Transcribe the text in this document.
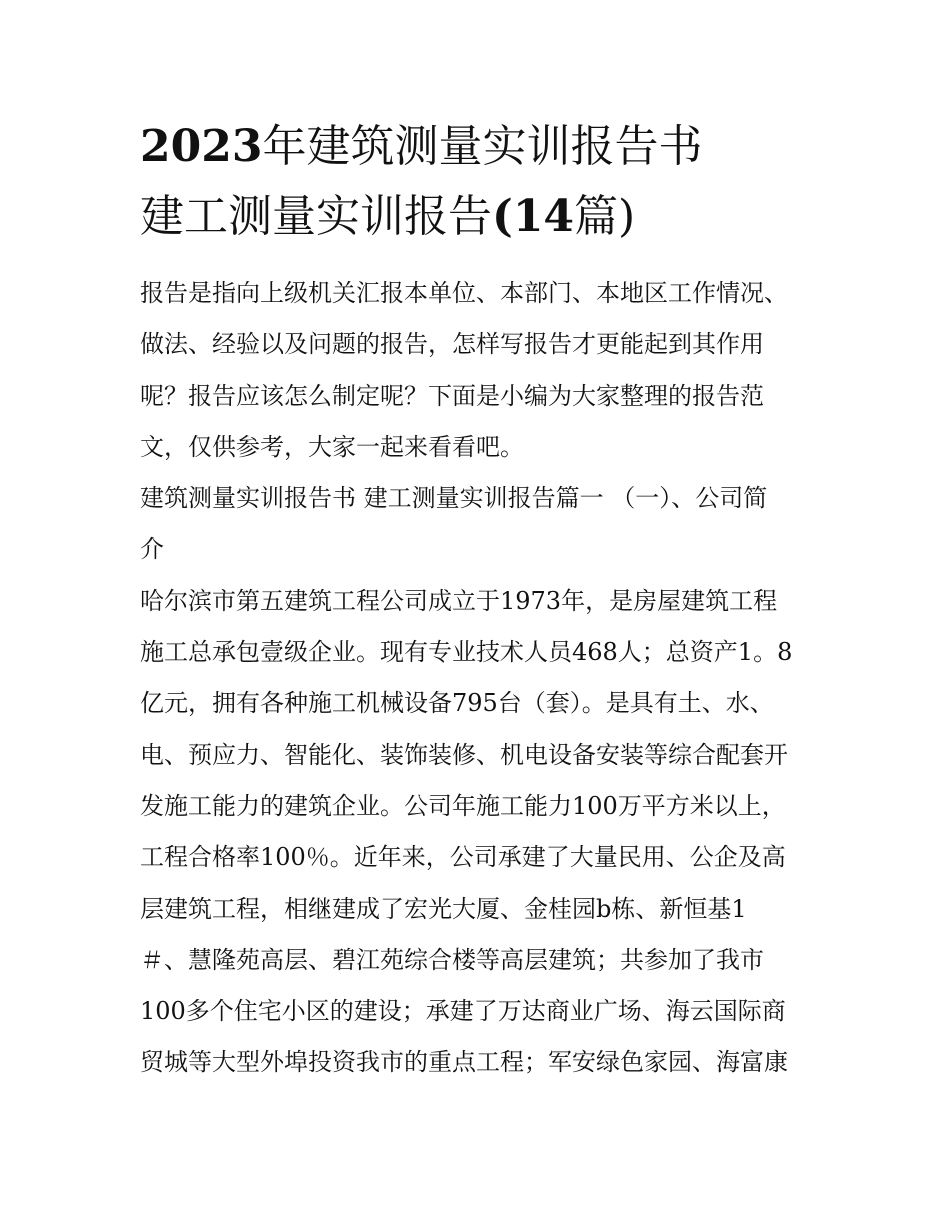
2023年建筑测量实训报告书

建工测量实训报告(14篇)

报告是指向上级机关汇报本单位、本部门、本地区工作情况、

做法、经验以及问题的报告，怎样写报告才更能起到其作用

呢？报告应该怎么制定呢？下面是小编为大家整理的报告范

文，仅供参考，大家一起来看看吧。

建筑测量实训报告书 建工测量实训报告篇一 （一）、公司简

介

哈尔滨市第五建筑工程公司成立于1973年，是房屋建筑工程

施工总承包壹级企业。现有专业技术人员468人；总资产1。8

亿元，拥有各种施工机械设备795台（套）。是具有土、水、

电、预应力、智能化、装饰装修、机电设备安装等综合配套开

发施工能力的建筑企业。公司年施工能力100万平方米以上，

工程合格率100％。近年来，公司承建了大量民用、公企及高

层建筑工程，相继建成了宏光大厦、金桂园b栋、新恒基1

＃、慧隆苑高层、碧江苑综合楼等高层建筑；共参加了我市

100多个住宅小区的建设；承建了万达商业广场、海云国际商

贸城等大型外埠投资我市的重点工程；军安绿色家园、海富康
